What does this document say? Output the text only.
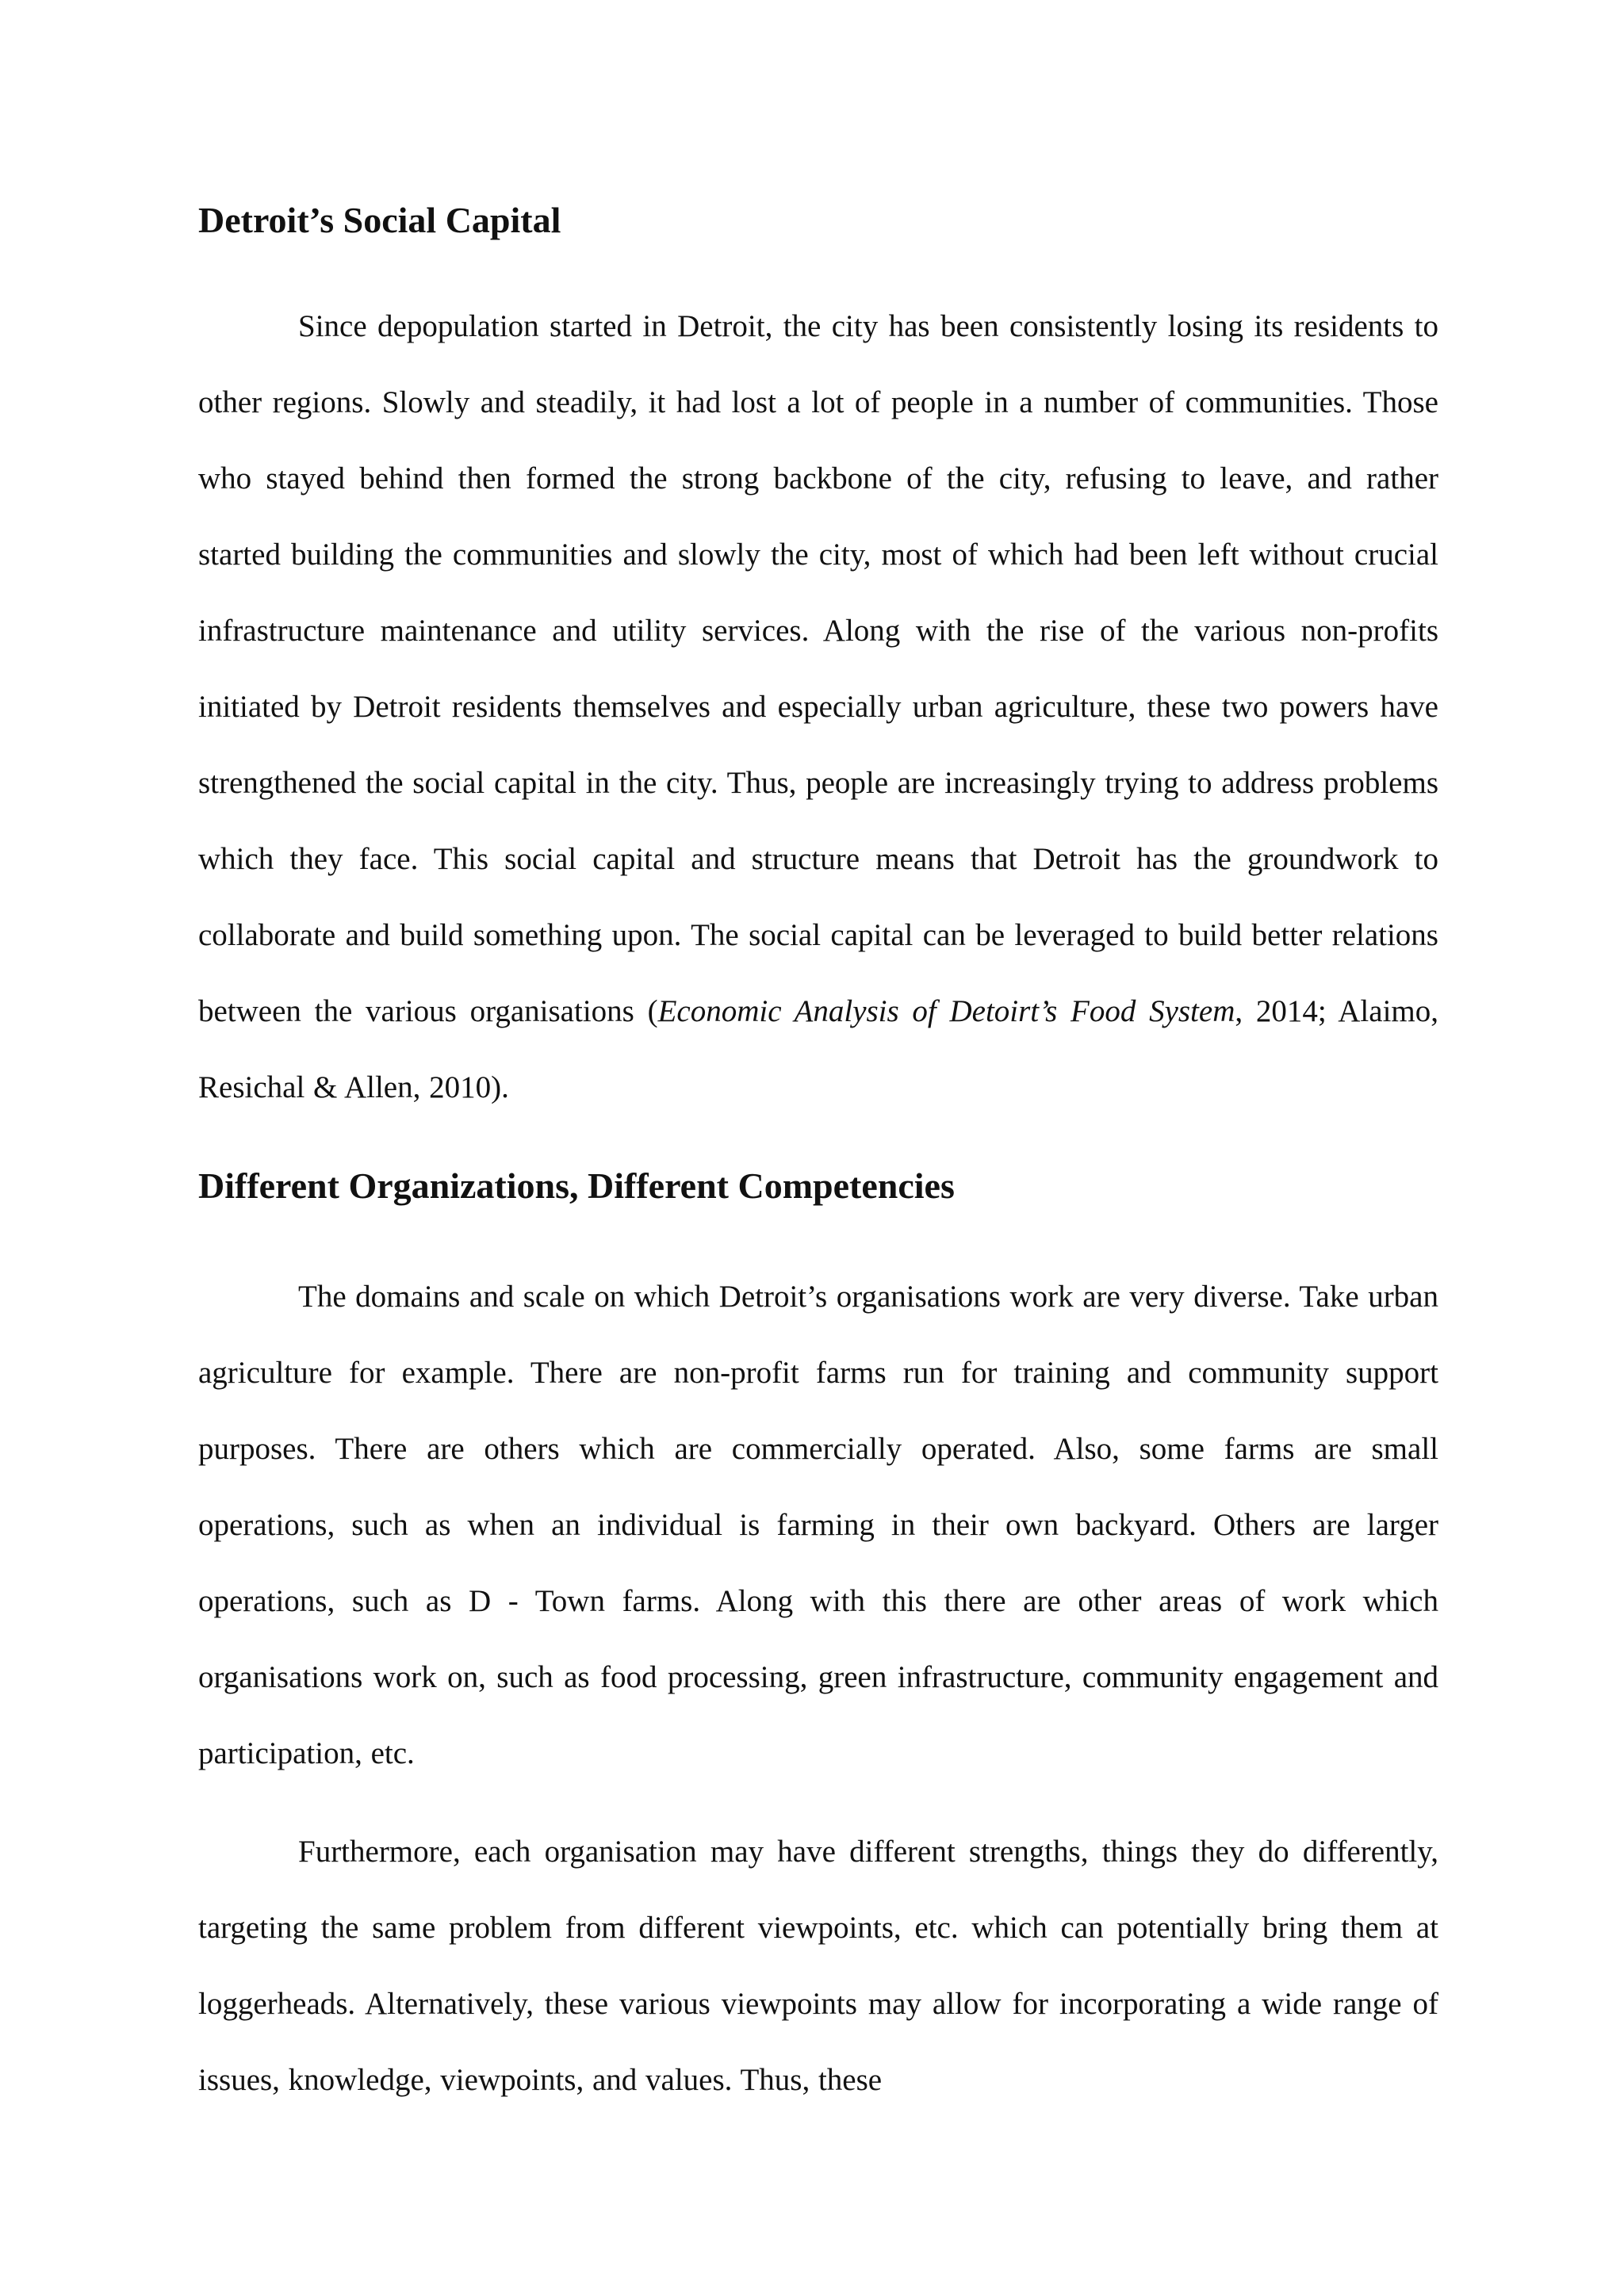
Detroit’s Social Capital

Since depopulation started in Detroit, the city has been consistently losing its residents to other regions. Slowly and steadily, it had lost a lot of people in a number of communities. Those who stayed behind then formed the strong backbone of the city, refusing to leave, and rather started building the communities and slowly the city, most of which had been left without crucial infrastructure maintenance and utility services. Along with the rise of the various non-profits initiated by Detroit residents themselves and especially urban agriculture, these two powers have strengthened the social capital in the city. Thus, people are increasingly trying to address problems which they face. This social capital and structure means that Detroit has the groundwork to collaborate and build something upon. The social capital can be leveraged to build better relations between the various organisations (Economic Analysis of Detoirt’s Food System, 2014; Alaimo, Resichal & Allen, 2010).

Different Organizations, Different Competencies

The domains and scale on which Detroit’s organisations work are very diverse. Take urban agriculture for example. There are non-profit farms run for training and community support purposes. There are others which are commercially operated. Also, some farms are small operations, such as when an individual is farming in their own backyard. Others are larger operations, such as D - Town farms. Along with this there are other areas of work which organisations work on, such as food processing, green infrastructure, community engagement and participation, etc.

Furthermore, each organisation may have different strengths, things they do differently, targeting the same problem from different viewpoints, etc. which can potentially bring them at loggerheads. Alternatively, these various viewpoints may allow for incorporating a wide range of issues, knowledge, viewpoints, and values. Thus, these
